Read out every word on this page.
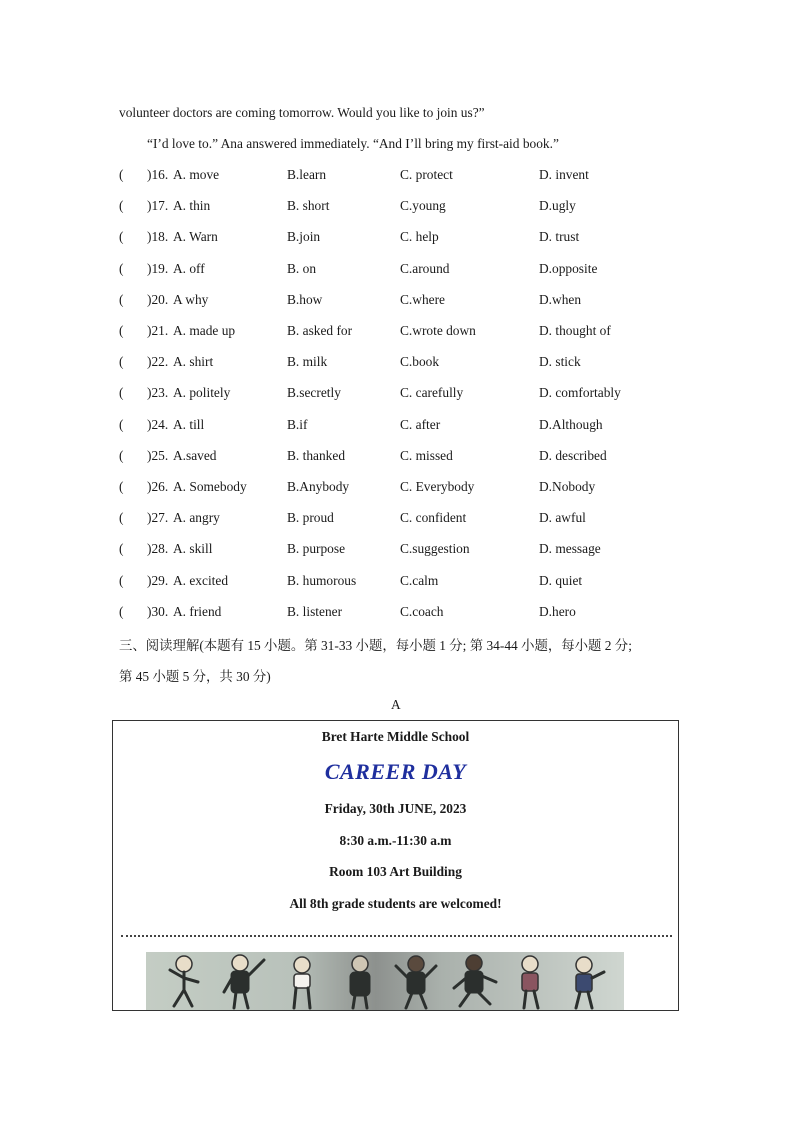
volunteer doctors are coming tomorrow. Would you like to join us?”
“I’d love to.” Ana answered immediately. “And I’ll bring my first-aid book.”
( )16. A. move	B.learn	C. protect	D. invent
( )17. A. thin	B. short	C.young	D.ugly
( )18. A. Warn	B.join	C. help	D. trust
( )19. A. off	B. on	C.around	D.opposite
( )20. A why	B.how	C.where	D.when
( )21. A. made up	B. asked for	C.wrote down	D. thought of
( )22. A. shirt	B. milk	C.book	D. stick
( )23. A. politely	B.secretly	C. carefully	D. comfortably
( )24. A. till	B.if	C. after	D.Although
( )25. A.saved	B. thanked	C. missed	D. described
( )26. A. Somebody	B.Anybody	C. Everybody	D.Nobody
( )27. A. angry	B. proud	C. confident	D. awful
( )28. A. skill	B. purpose	C.suggestion	D. message
( )29. A. excited	B. humorous	C.calm	D. quiet
( )30. A. friend	B. listener	C.coach	D.hero
三、阅读理解(本题有 15 小题。第 31-33 小题，每小题 1 分; 第 34-44 小题，每小题 2 分;
第 45 小题 5 分，共 30 分)
A
Bret Harte Middle School
CAREER DAY
Friday, 30th JUNE, 2023
8:30 a.m.-11:30 a.m
Room 103 Art Building
All 8th grade students are welcomed!
